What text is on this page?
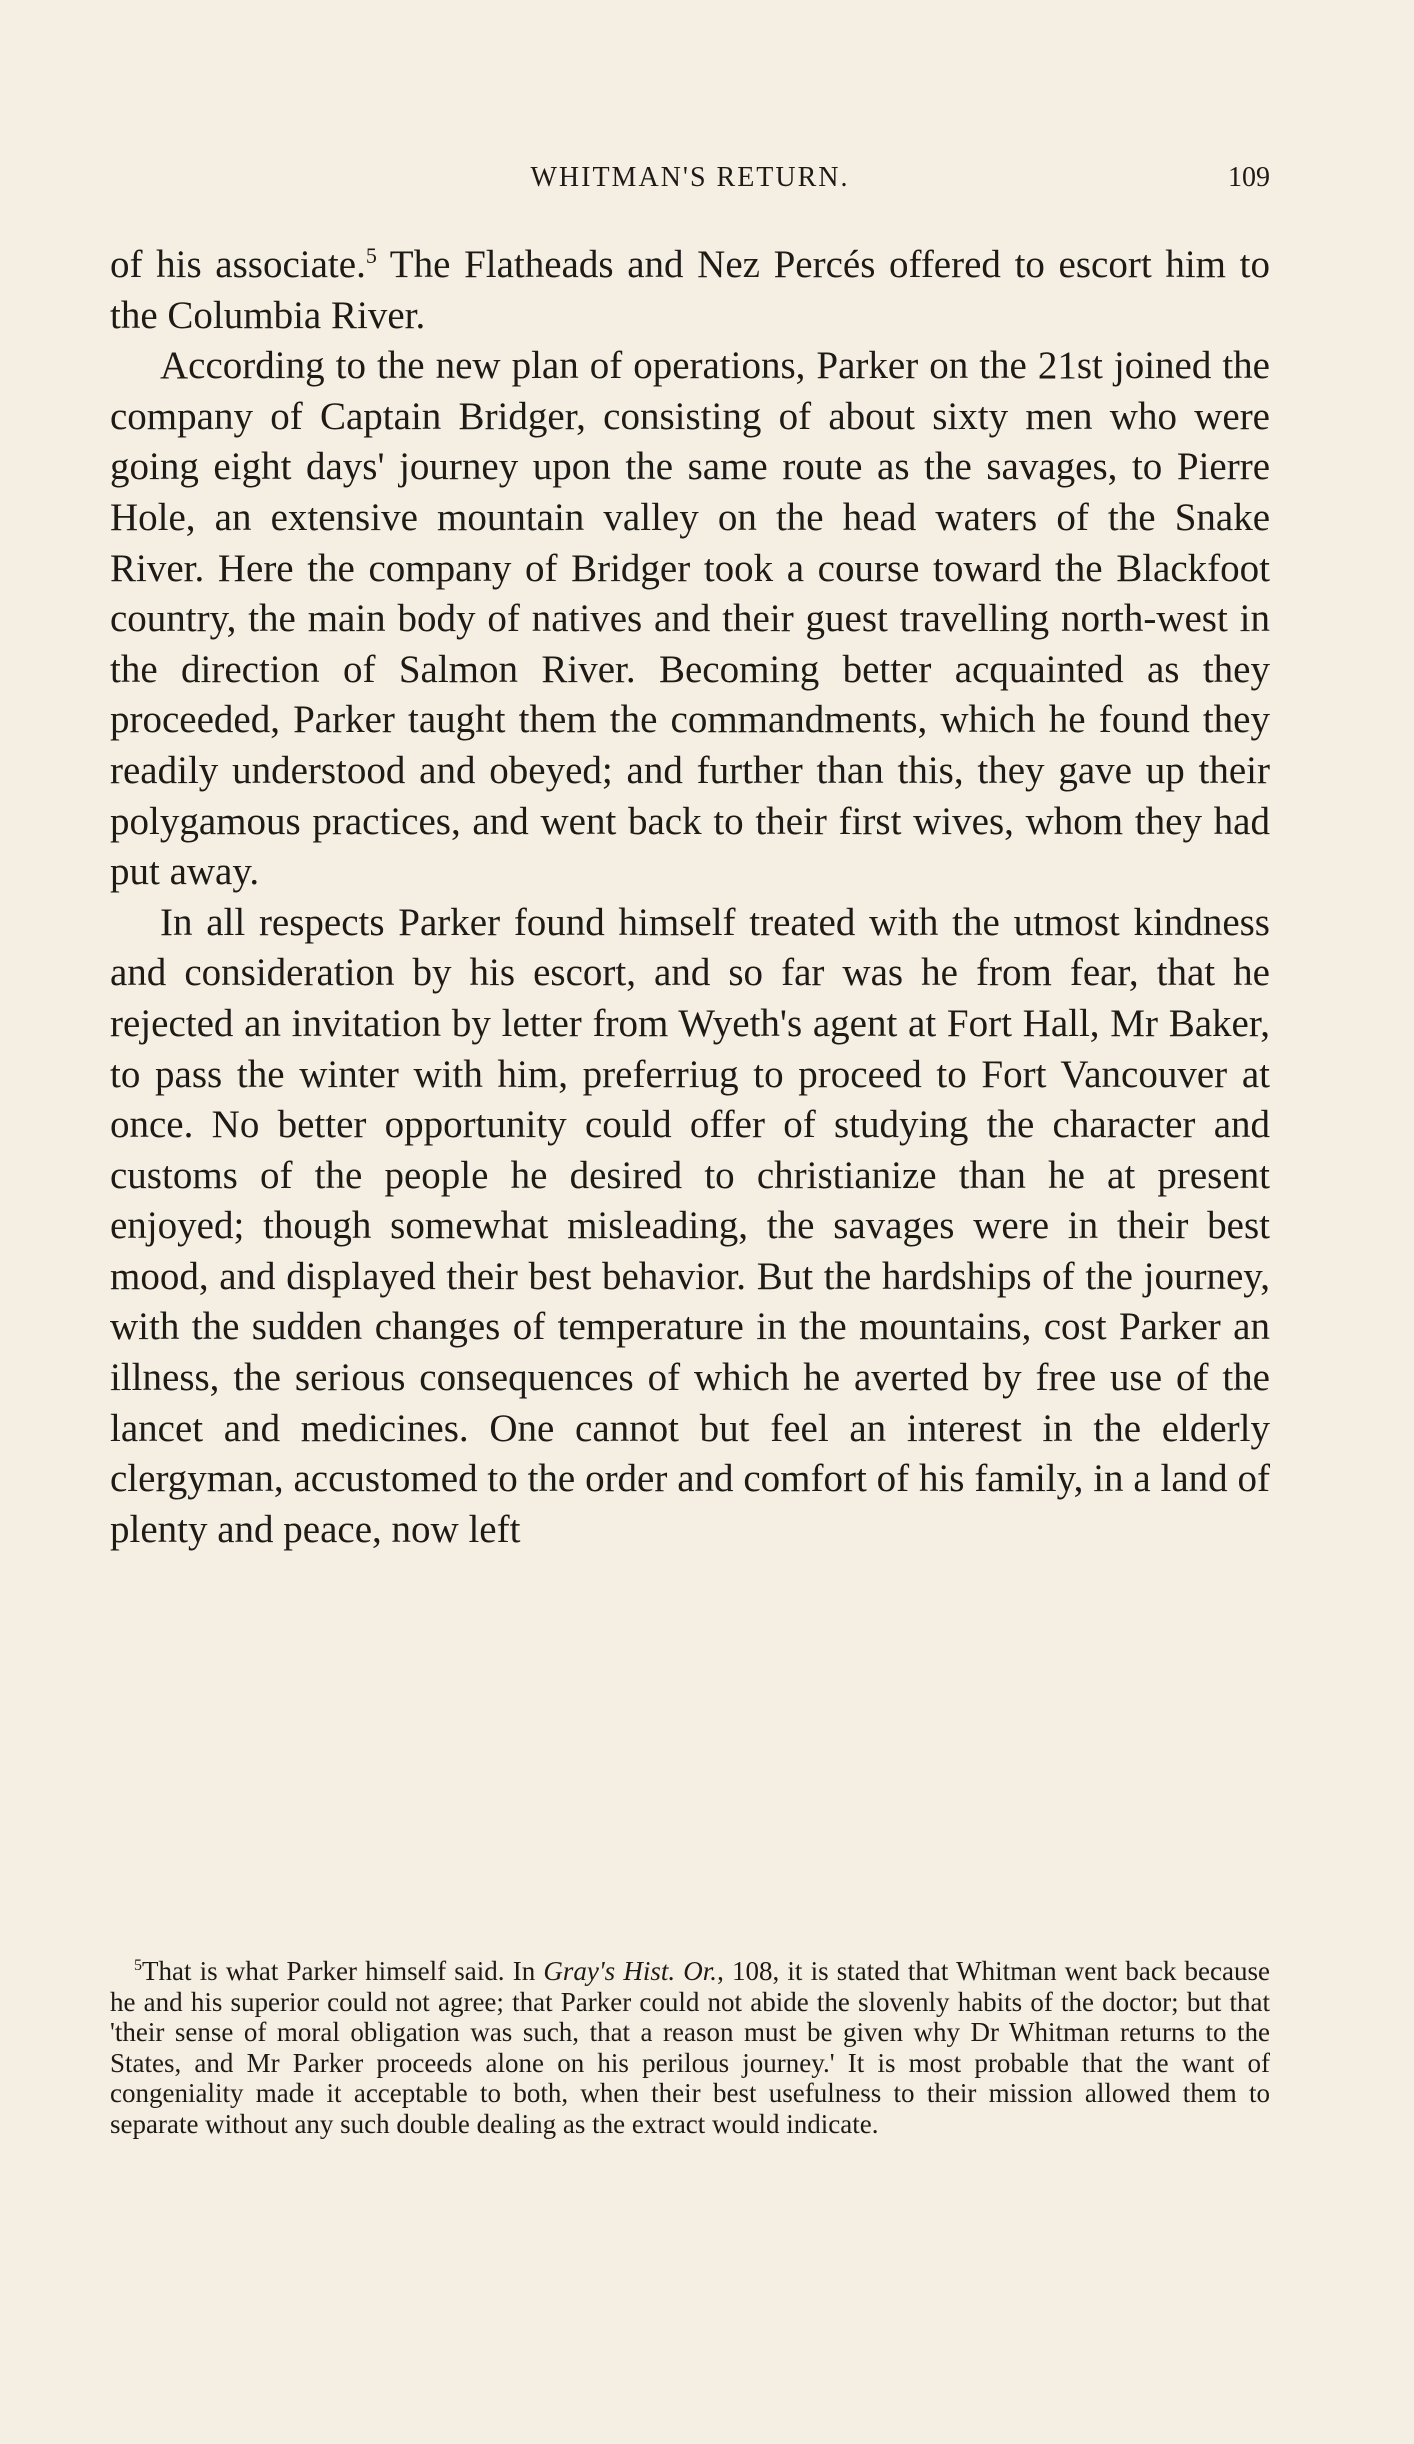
WHITMAN'S RETURN.	109

of his associate.$^5$ The Flatheads and Nez Percés offered to escort him to the Columbia River.

According to the new plan of operations, Parker on the 21st joined the company of Captain Bridger, consisting of about sixty men who were going eight days' journey upon the same route as the savages, to Pierre Hole, an extensive mountain valley on the head waters of the Snake River. Here the company of Bridger took a course toward the Blackfoot country, the main body of natives and their guest travelling north-west in the direction of Salmon River. Becoming better acquainted as they proceeded, Parker taught them the commandments, which he found they readily understood and obeyed; and further than this, they gave up their polygamous practices, and went back to their first wives, whom they had put away.

In all respects Parker found himself treated with the utmost kindness and consideration by his escort, and so far was he from fear, that he rejected an invitation by letter from Wyeth's agent at Fort Hall, Mr Baker, to pass the winter with him, preferriug to proceed to Fort Vancouver at once. No better opportunity could offer of studying the character and customs of the people he desired to christianize than he at present enjoyed; though somewhat misleading, the savages were in their best mood, and displayed their best behavior. But the hardships of the journey, with the sudden changes of temperature in the mountains, cost Parker an illness, the serious consequences of which he averted by free use of the lancet and medicines. One cannot but feel an interest in the elderly clergyman, accustomed to the order and comfort of his family, in a land of plenty and peace, now left

$^5$That is what Parker himself said. In Gray's Hist. Or., 108, it is stated that Whitman went back because he and his superior could not agree; that Parker could not abide the slovenly habits of the doctor; but that 'their sense of moral obligation was such, that a reason must be given why Dr Whitman returns to the States, and Mr Parker proceeds alone on his perilous journey.' It is most probable that the want of congeniality made it acceptable to both, when their best usefulness to their mission allowed them to separate without any such double dealing as the extract would indicate.
